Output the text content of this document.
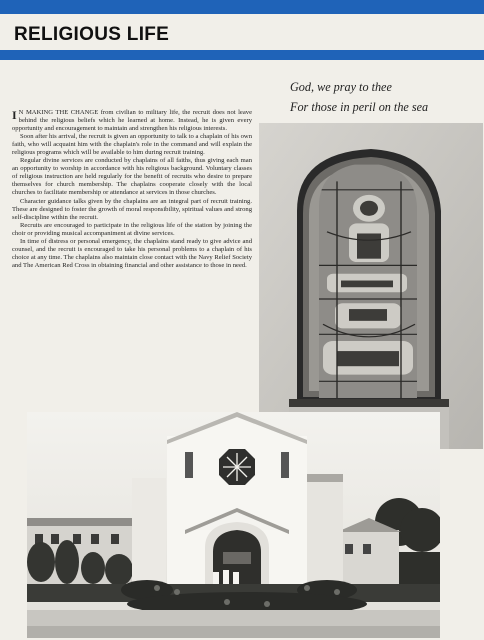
RELIGIOUS LIFE
God, we pray to thee
For those in peril on the sea

I N MAKING THE CHANGE from civilian to military life, the recruit does not leave behind the religious beliefs which he learned at home. Instead, he is given every opportunity and encouragement to maintain and strengthen his religious interests.

Soon after his arrival, the recruit is given an opportunity to talk to a chaplain of his own faith, who will acquaint him with the chaplain's role in the command and will explain the religious programs which will be available to him during recruit training.

Regular divine services are conducted by chaplains of all faiths, thus giving each man an opportunity to worship in accordance with his religious background. Voluntary classes of religious instruction are held regularly for the benefit of recruits who desire to prepare themselves for church membership. The chaplains cooperate closely with the local churches to facilitate membership or attendance at services in those churches.

Character guidance talks given by the chaplains are an integral part of recruit training. These are designed to foster the growth of moral responsibility, spiritual values and strong self-discipline within the recruit.

Recruits are encouraged to participate in the religious life of the station by joining the choir or providing musical accompaniment at divine services.

In time of distress or personal emergency, the chaplains stand ready to give advice and counsel, and the recruit is encouraged to take his personal problems to a chaplain of his choice at any time. The chaplains also maintain close contact with the Navy Relief Society and The American Red Cross in obtaining financial and other assistance to those in need.
